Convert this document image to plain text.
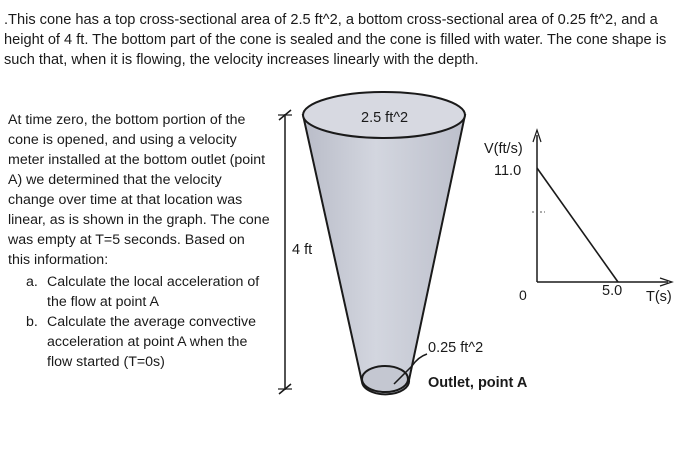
.This cone has a top cross-sectional area of 2.5 ft^2, a bottom cross-sectional area of 0.25 ft^2, and a height of 4 ft. The bottom part of the cone is sealed and the cone is filled with water. The cone shape is such that, when it is flowing, the velocity increases linearly with the depth.

At time zero, the bottom portion of the cone is opened, and using a velocity meter installed at the bottom outlet (point A) we determined that the velocity change over time at that location was linear, as is shown in the graph. The cone was empty at T=5 seconds. Based on this information:

a. Calculate the local acceleration of the flow at point A
b. Calculate the average convective acceleration at point A when the flow started (T=0s)
2.5 ft^2
4 ft
0.25 ft^2
Outlet, point A
V(ft/s)
11.0
0	5.0 T(s)
